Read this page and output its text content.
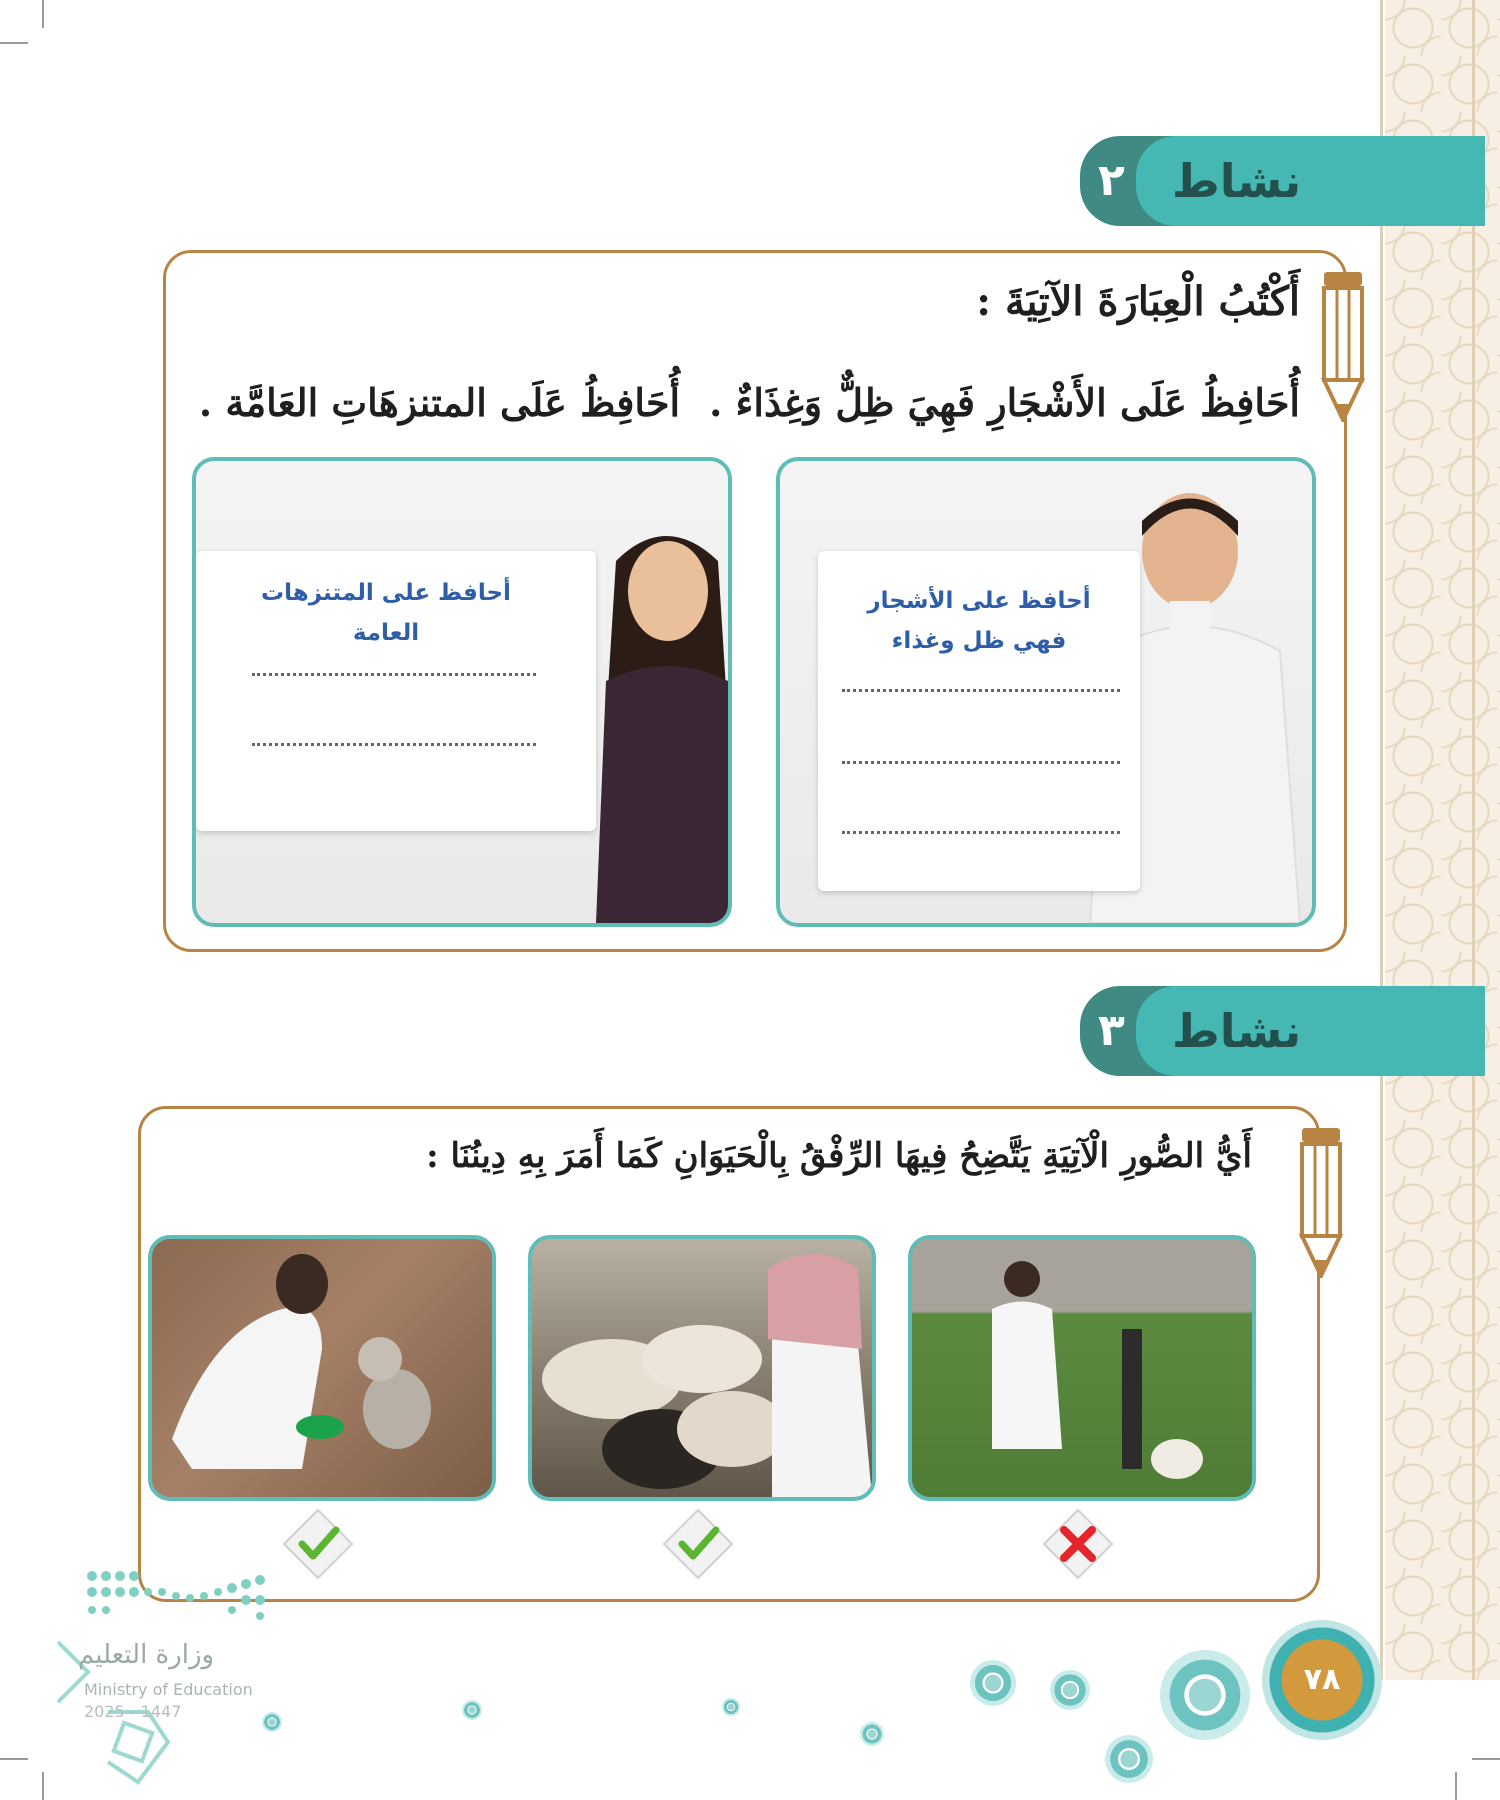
٢	نشاط
أَكْتُبُ الْعِبَارَةَ الآتِيَةَ :
أُحَافِظُ عَلَى الأَشْجَارِ فَهِيَ ظِلٌّ وَغِذَاءٌ .
أُحَافِظُ عَلَى المتنزهَاتِ العَامَّة .
أحافظ على الأشجار فهي ظل وغذاء
أحافظ على المتنزهات العامة
٣	نشاط
أَيُّ الصُّورِ الْآتِيَةِ يَتَّضِحُ فِيهَا الرِّفْقُ بِالْحَيَوَانِ كَمَا أَمَرَ بِهِ دِينُنَا :
٧٨
وزارة التعليم
Ministry of Education
2025 - 1447
